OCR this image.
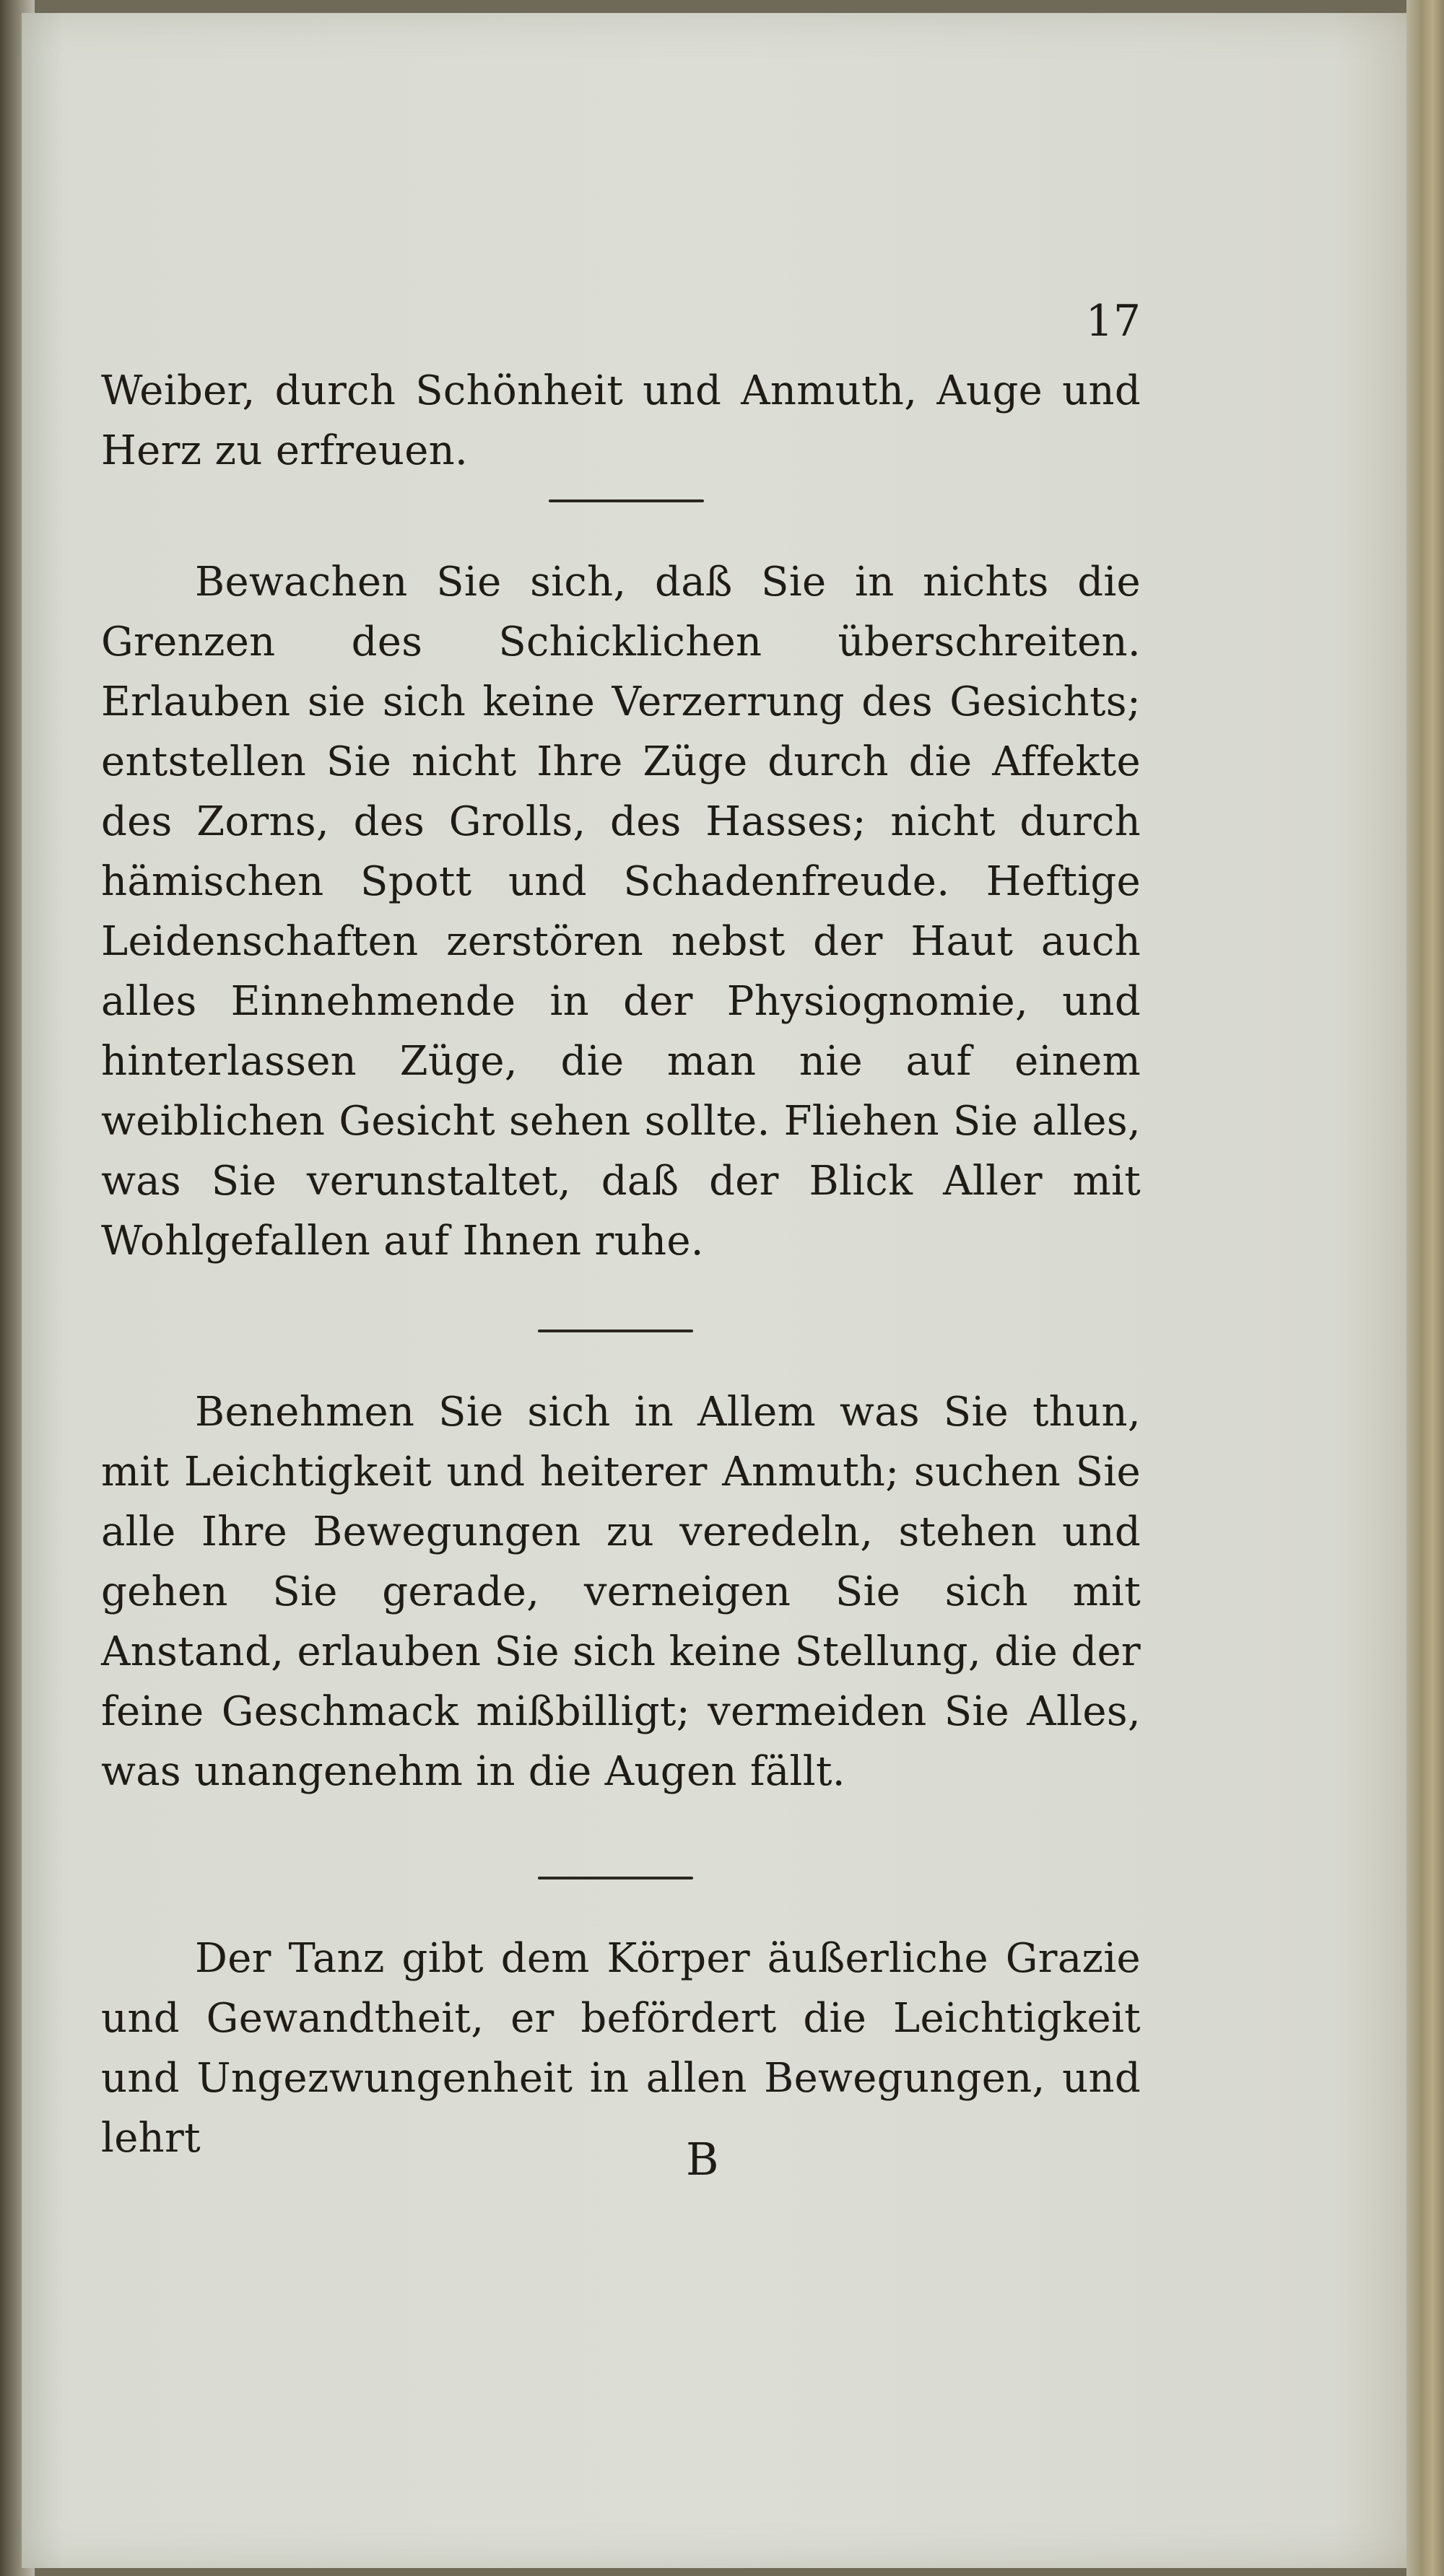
17

Weiber, durch Schönheit und Anmuth, Auge und Herz zu erfreuen.

Bewachen Sie sich, daß Sie in nichts die Grenzen des Schicklichen überschreiten. Erlauben sie sich keine Verzerrung des Gesichts; entstellen Sie nicht Ihre Züge durch die Affekte des Zorns, des Grolls, des Hasses; nicht durch hämischen Spott und Schadenfreude. Heftige Leidenschaften zerstören nebst der Haut auch alles Einnehmende in der Physiognomie, und hinterlassen Züge, die man nie auf einem weiblichen Gesicht sehen sollte. Fliehen Sie alles, was Sie verunstaltet, daß der Blick Aller mit Wohlgefallen auf Ihnen ruhe.

Benehmen Sie sich in Allem was Sie thun, mit Leichtigkeit und heiterer Anmuth; suchen Sie alle Ihre Bewegungen zu veredeln, stehen und gehen Sie gerade, verneigen Sie sich mit Anstand, erlauben Sie sich keine Stellung, die der feine Geschmack mißbilligt; vermeiden Sie Alles, was unangenehm in die Augen fällt.

Der Tanz gibt dem Körper äußerliche Grazie und Gewandtheit, er befördert die Leichtigkeit und Ungezwungenheit in allen Bewegungen, und lehrt	B
